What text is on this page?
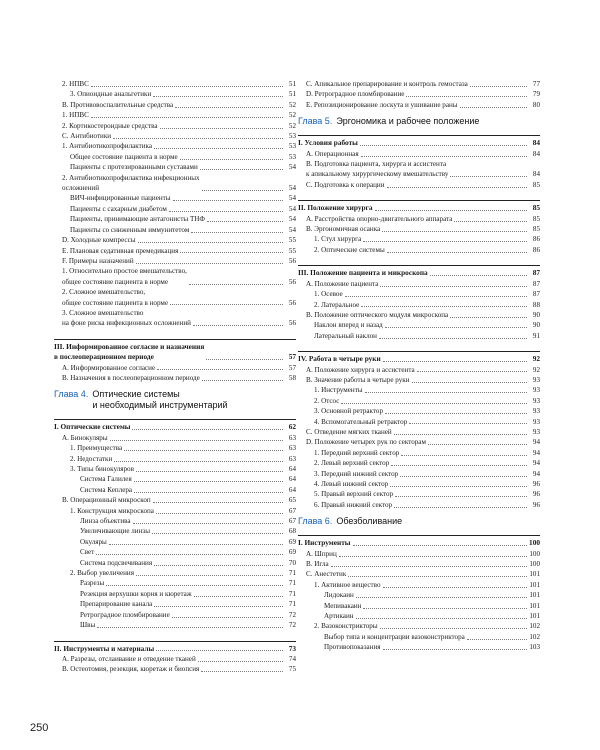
2. НПВС	51
3. Опиоидные анальгетики	51
B. Противовоспалительные средства	52
1. НПВС	52
2. Кортикостероидные средства	52
C. Антибиотики	53
1. Антибиотикопрофилактика	53
Общее состояние пациента в норме	53
Пациенты с протезированными суставами	54
2. Антибиотикопрофилактика инфекционных
осложнений	54
ВИЧ-инфицированные пациенты	54
Пациенты с сахарным диабетом	54
Пациенты, принимающие антагонисты ТНФ	54
Пациенты со сниженным иммунитетом	54
D. Холодные компрессы	55
E. Плановая седативная премедикация	55
F. Примеры назначений	56
1. Относительно простое вмешательство,
общее состояние пациента в норме	56
2. Сложное вмешательство,
общее состояние пациента в норме	56
3. Сложное вмешательство
на фоне риска инфекционных осложнений	56
III. Информированное согласие и назначения
в послеоперационном периоде	57
A. Информированное согласие	57
B. Назначения в послеоперационном периоде	58
Глава 4. Оптические системы
и необходимый инструментарий
I. Оптические системы	62
A. Бинокуляры	63
1. Преимущества	63
2. Недостатки	63
3. Типы бинокуляров	64
Система Галилея	64
Система Кеплера	64
B. Операционный микроскоп	65
1. Конструкция микроскопа	67
Линза объектива	67
Увеличивающие линзы	68
Окуляры	69
Свет	69
Система подсвечивания	70
2. Выбор увеличения	71
Разрезы	71
Резекция верхушки корня и кюретаж	71
Препарирование канала	71
Ретроградное пломбирование	72
Швы	72
II. Инструменты и материалы	73
A. Разрезы, отслаивание и отведение тканей	74
B. Остеотомия, резекция, кюретаж и биопсия	75
C. Апикальное препарирование и контроль гемостаза	77
D. Ретроградное пломбирование	79
E. Репозиционирование лоскута и ушивание раны	80
Глава 5. Эргономика и рабочее положение
I. Условия работы	84
A. Операционная	84
B. Подготовка пациента, хирурга и ассистента
к апикальному хирургическому вмешательству	84
C. Подготовка к операции	85
II. Положение хирурга	85
A. Расстройства опорно-двигательного аппарата	85
B. Эргономичная осанка	85
1. Стул хирурга	86
2. Оптические системы	86
III. Положение пациента и микроскопа	87
A. Положение пациента	87
1. Осевое	87
2. Латеральное	88
B. Положение оптического модуля микроскопа	90
Наклон вперед и назад	90
Латеральный наклон	91
IV. Работа в четыре руки	92
A. Положение хирурга и ассистента	92
B. Значение работы в четыре руки	93
1. Инструменты	93
2. Отсос	93
3. Основной ретрактор	93
4. Вспомогательный ретрактор	93
C. Отведение мягких тканей	93
D. Положение четырех рук по секторам	94
1. Передний верхний сектор	94
2. Левый верхний сектор	94
3. Передний нижний сектор	94
4. Левый нижний сектор	96
5. Правый верхний сектор	96
6. Правый нижний сектор	96
Глава 6. Обезболивание
I. Инструменты	100
A. Шприц	100
B. Игла	100
C. Анестетик	101
1. Активное вещество	101
Лидокаин	101
Мепивакаин	101
Артикаин	101
2. Вазоконстрикторы	102
Выбор типа и концентрации вазоконстриктора	102
Противопоказания	103
250
